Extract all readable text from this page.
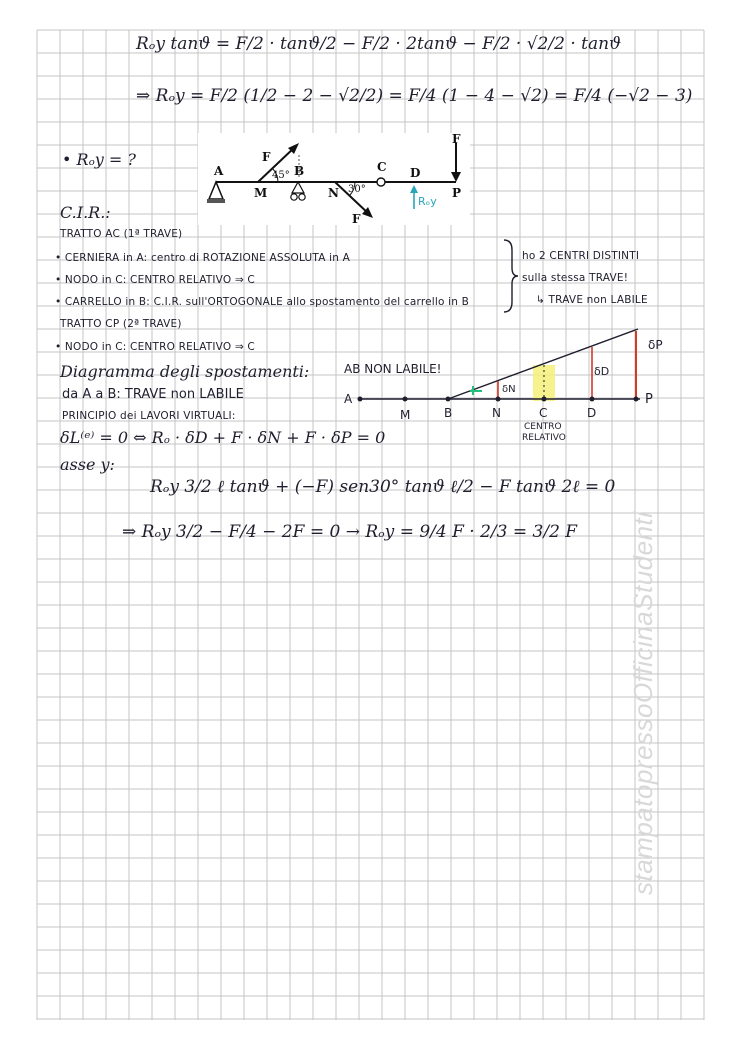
stampatopressoOfficinaStudenti
Rₒy tanϑ = F/2 · tanϑ/2 − F/2 · 2tanϑ − F/2 · √2/2 · tanϑ
⇒ Rₒy = F/2 (1/2 − 2 − √2/2) = F/4 (1 − 4 − √2) = F/4 (−√2 − 3)
• Rₒy = ?
A
M
B
N
C D
P
F
F
F
45°
30°
Rₒy
C.I.R.:
TRATTO AC (1ª TRAVE)
• CERNIERA in A: centro di ROTAZIONE ASSOLUTA in A
• NODO in C: CENTRO RELATIVO ⇒ C
• CARRELLO in B: C.I.R. sull'ORTOGONALE allo spostamento del carrello in B
TRATTO CP (2ª TRAVE)
• NODO in C: CENTRO RELATIVO ⇒ C
ho 2 CENTRI DISTINTI
sulla stessa TRAVE!
↳ TRAVE non LABILE
Diagramma degli spostamenti:
da A a B: TRAVE non LABILE
PRINCIPIO dei LAVORI VIRTUALI:
δL⁽ᵉ⁾ = 0 ⇔ Rₒ · δD + F · δN + F · δP = 0
asse y:
Rₒy 3/2 ℓ tanϑ + (−F) sen30° tanϑ ℓ/2 − F tanϑ 2ℓ = 0
⇒ Rₒy 3/2 − F/4 − 2F = 0 → Rₒy = 9/4 F · 2/3 = 3/2 F
A
M	B	N	C	D
P
AB NON LABILE!
δN
δD
δP
CENTRO
RELATIVO
